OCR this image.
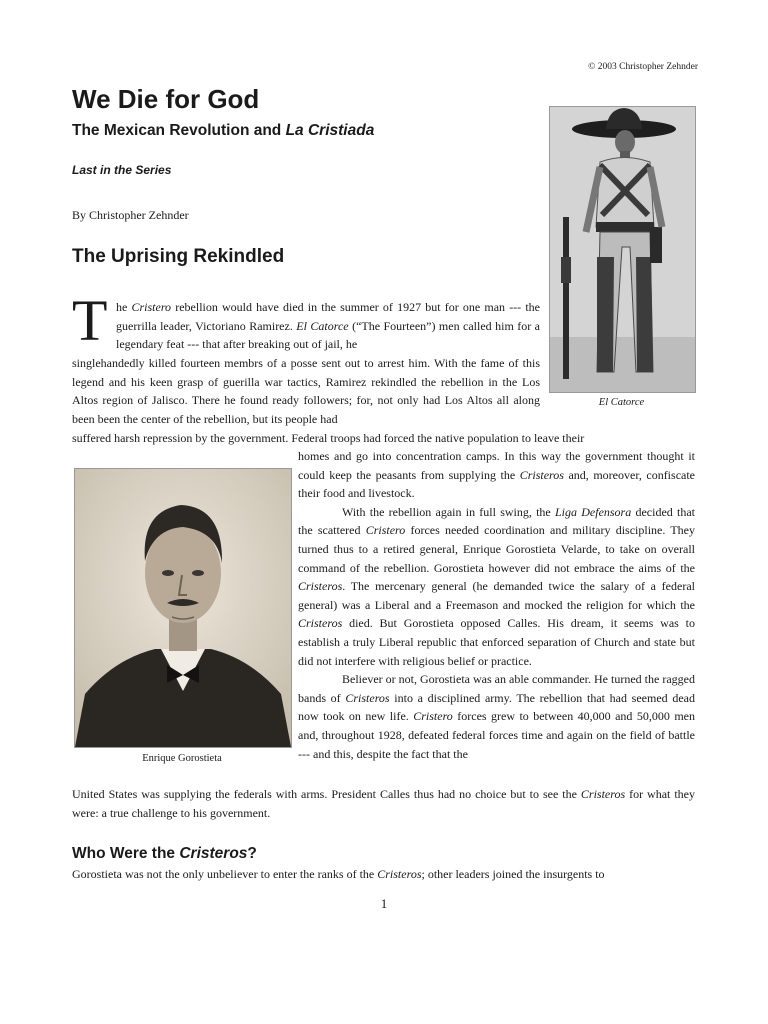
© 2003 Christopher Zehnder
We Die for God
The Mexican Revolution and La Cristiada
Last in the Series
By Christopher Zehnder
The Uprising Rekindled
El Catorce
Enrique Gorostieta
T he Cristero rebellion would have died in the summer of 1927 but for one man --- the guerrilla leader, Victoriano Ramirez. El Catorce (“The Fourteen”) men called him for a legendary feat --- that after breaking out of jail, he
singlehandedly killed fourteen membrs of a posse sent out to arrest him. With the fame of this legend and his keen grasp of guerilla war tactics, Ramirez rekindled the rebellion in the Los Altos region of Jalisco. There he found ready followers; for, not only had Los Altos all along been been the center of the rebellion, but its people had
suffered harsh repression by the government. Federal troops had forced the native population to leave their

homes and go into concentration camps. In this way the government thought it could keep the peasants from supplying the Cristeros and, moreover, confiscate their food and livestock.

With the rebellion again in full swing, the Liga Defensora decided that the scattered Cristero forces needed coordination and military discipline. They turned thus to a retired general, Enrique Gorostieta Velarde, to take on overall command of the rebellion. Gorostieta however did not embrace the aims of the Cristeros. The mercenary general (he demanded twice the salary of a federal general) was a Liberal and a Freemason and mocked the religion for which the Cristeros died. But Gorostieta opposed Calles. His dream, it seems was to establish a truly Liberal republic that enforced separation of Church and state but did not interfere with religious belief or practice.

Believer or not, Gorostieta was an able commander. He turned the ragged bands of Cristeros into a disciplined army. The rebellion that had seemed dead now took on new life. Cristero forces grew to between 40,000 and 50,000 men and, throughout 1928, defeated federal forces time and again on the field of battle --- and this, despite the fact that the

United States was supplying the federals with arms. President Calles thus had no choice but to see the Cristeros for what they were: a true challenge to his government.
Who Were the Cristeros?
Gorostieta was not the only unbeliever to enter the ranks of the Cristeros; other leaders joined the insurgents to
1
